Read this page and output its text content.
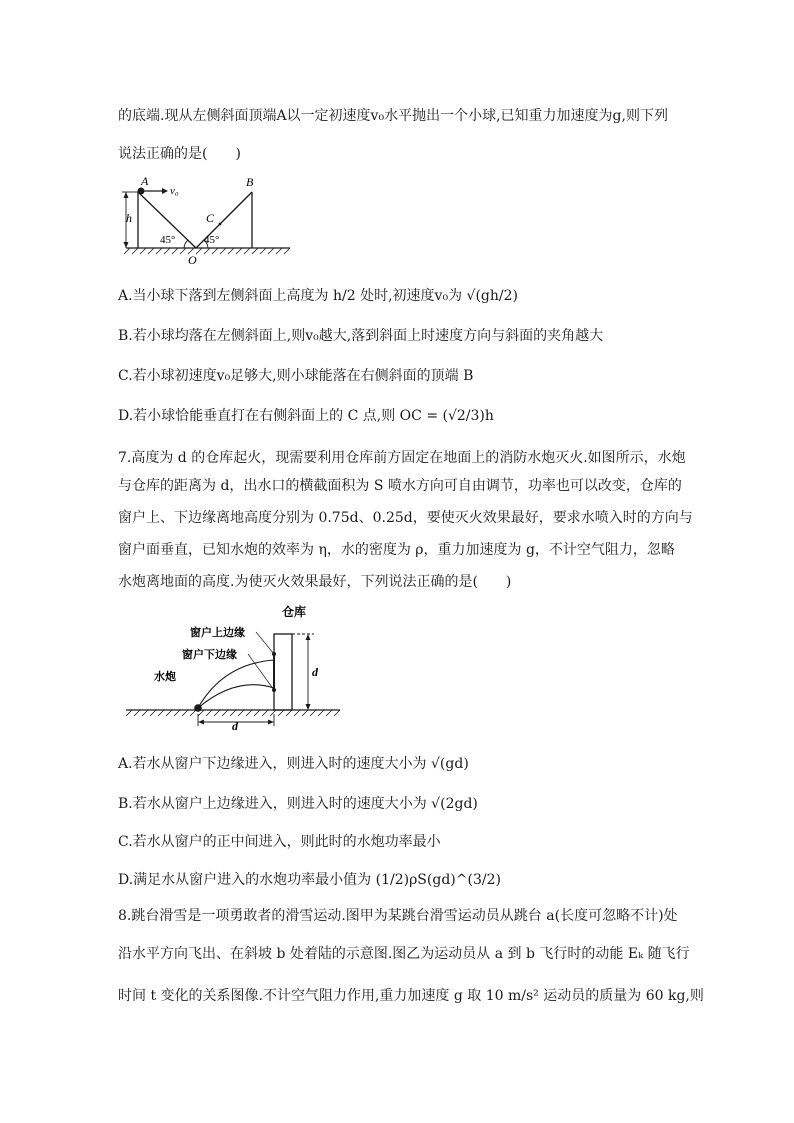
的底端.现从左侧斜面顶端A以一定初速度v₀水平抛出一个小球,已知重力加速度为g,则下列
说法正确的是(　　)
A
v₀
B
C
h
O
45°	45°
A.当小球下落到左侧斜面上高度为 h/2 处时,初速度v₀为 √(gh/2)
B.若小球均落在左侧斜面上,则v₀越大,落到斜面上时速度方向与斜面的夹角越大
C.若小球初速度v₀足够大,则小球能落在右侧斜面的顶端 B
D.若小球恰能垂直打在右侧斜面上的 C 点,则 OC = (√2/3)h
7.高度为 d 的仓库起火，现需要利用仓库前方固定在地面上的消防水炮灭火.如图所示，水炮
与仓库的距离为 d，出水口的横截面积为 S 喷水方向可自由调节，功率也可以改变，仓库的
窗户上、下边缘离地高度分别为 0.75d、0.25d，要使灭火效果最好，要求水喷入时的方向与
窗户面垂直，已知水炮的效率为 η，水的密度为 ρ，重力加速度为 g，不计空气阻力，忽略
水炮离地面的高度.为使灭火效果最好，下列说法正确的是(　　)
仓库
窗户上边缘
窗户下边缘
水炮	d
d
A.若水从窗户下边缘进入，则进入时的速度大小为 √(gd)
B.若水从窗户上边缘进入，则进入时的速度大小为 √(2gd)
C.若水从窗户的正中间进入，则此时的水炮功率最小
D.满足水从窗户进入的水炮功率最小值为 (1/2)ρS(gd)^(3/2)
8.跳台滑雪是一项勇敢者的滑雪运动.图甲为某跳台滑雪运动员从跳台 a(长度可忽略不计)处
沿水平方向飞出、在斜坡 b 处着陆的示意图.图乙为运动员从 a 到 b 飞行时的动能 Eₖ 随飞行
时间 t 变化的关系图像.不计空气阻力作用,重力加速度 g 取 10 m/s² 运动员的质量为 60 kg,则
